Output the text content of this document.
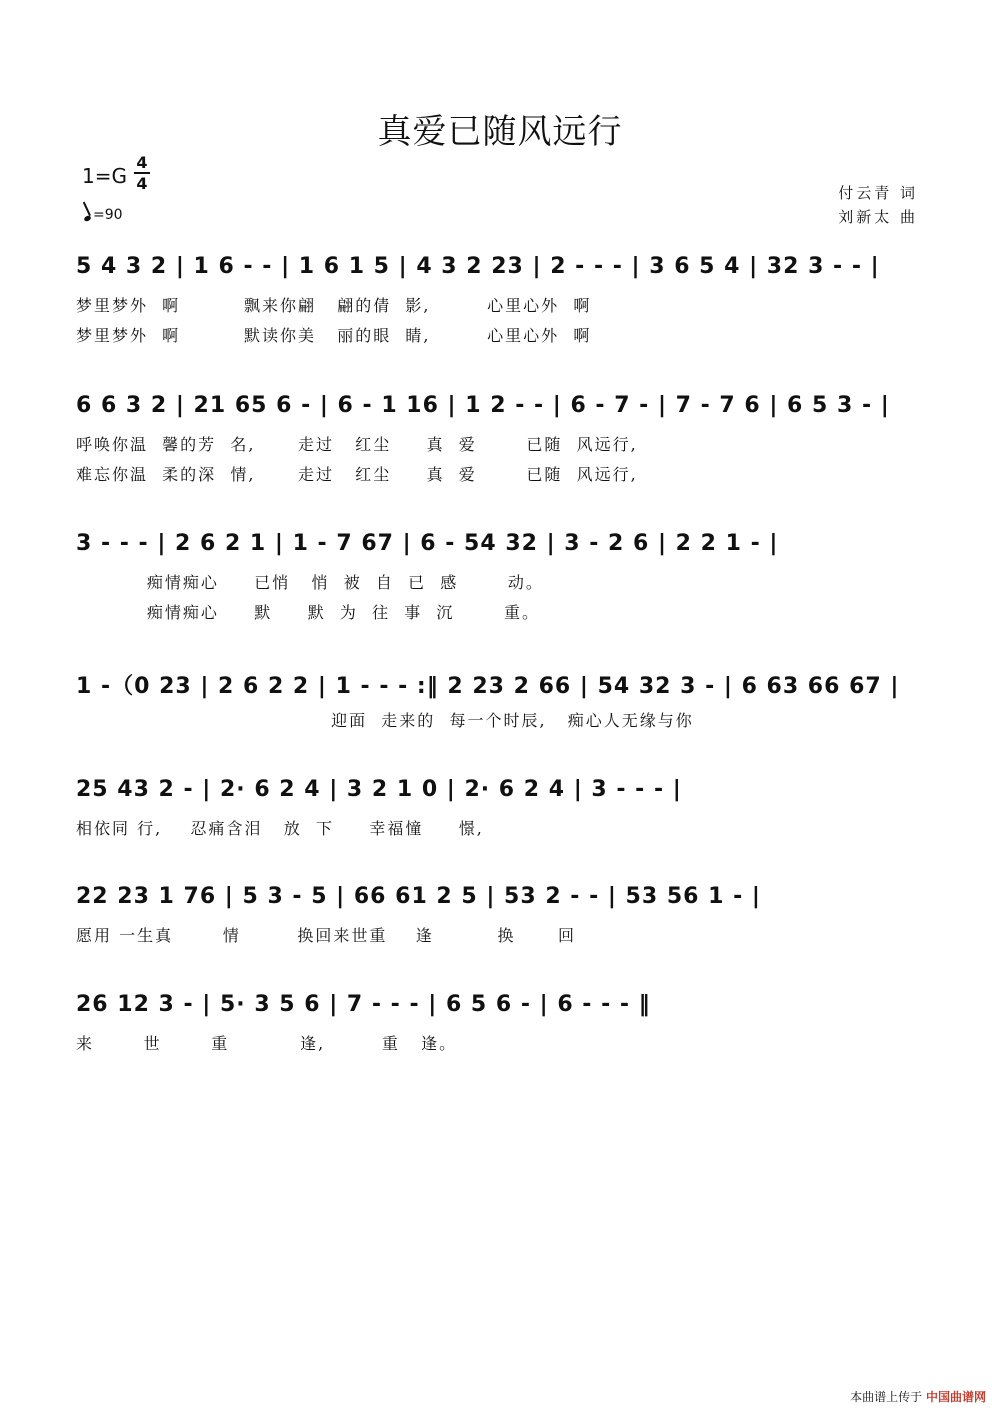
真爱已随风远行
1=G
4
4
=90
付云青 词
刘新太 曲
5 4 3 2 | 1 6 - - | 1 6 1 5 | 4 3 2 23 | 2 - - - | 3 6 5 4 | 32 3 - - |
梦里梦外  啊         飘来你翩   翩的倩  影,        心里心外  啊
梦里梦外  啊         默读你美   丽的眼  睛,        心里心外  啊
6 6 3 2 | 21 65 6 - | 6 - 1 16 | 1 2 - - | 6 - 7 - | 7 - 7 6 | 6 5 3 - |
呼唤你温  馨的芳  名,      走过   红尘     真  爱       已随  风远行,
难忘你温  柔的深  情,      走过   红尘     真  爱       已随  风远行,
3 - - - | 2 6 2 1 | 1 - 7 67 | 6 - 54 32 | 3 - 2 6 | 2 2 1 - |
痴情痴心     已悄   悄  被  自  已  感       动。
痴情痴心     默     默  为  往  事  沉       重。
1 -（0 23 | 2 6 2 2 | 1 - - - :‖ 2 23 2 66 | 54 32 3 - | 6 63 66 67 |
迎面  走来的  每一个时辰,   痴心人无缘与你
25 43 2 - | 2· 6 2 4 | 3 2 1 0 | 2· 6 2 4 | 3 - - - |
相依同 行,    忍痛含泪   放  下     幸福憧     憬,
22 23 1 76 | 5 3 - 5 | 66 61 2 5 | 53 2 - - | 53 56 1 - |
愿用 一生真       情        换回来世重    逢         换      回
26 12 3 - | 5· 3 5 6 | 7 - - - | 6 5 6 - | 6 - - - ‖
来       世       重          逢,        重   逢。
本曲谱上传于 中国曲谱网
